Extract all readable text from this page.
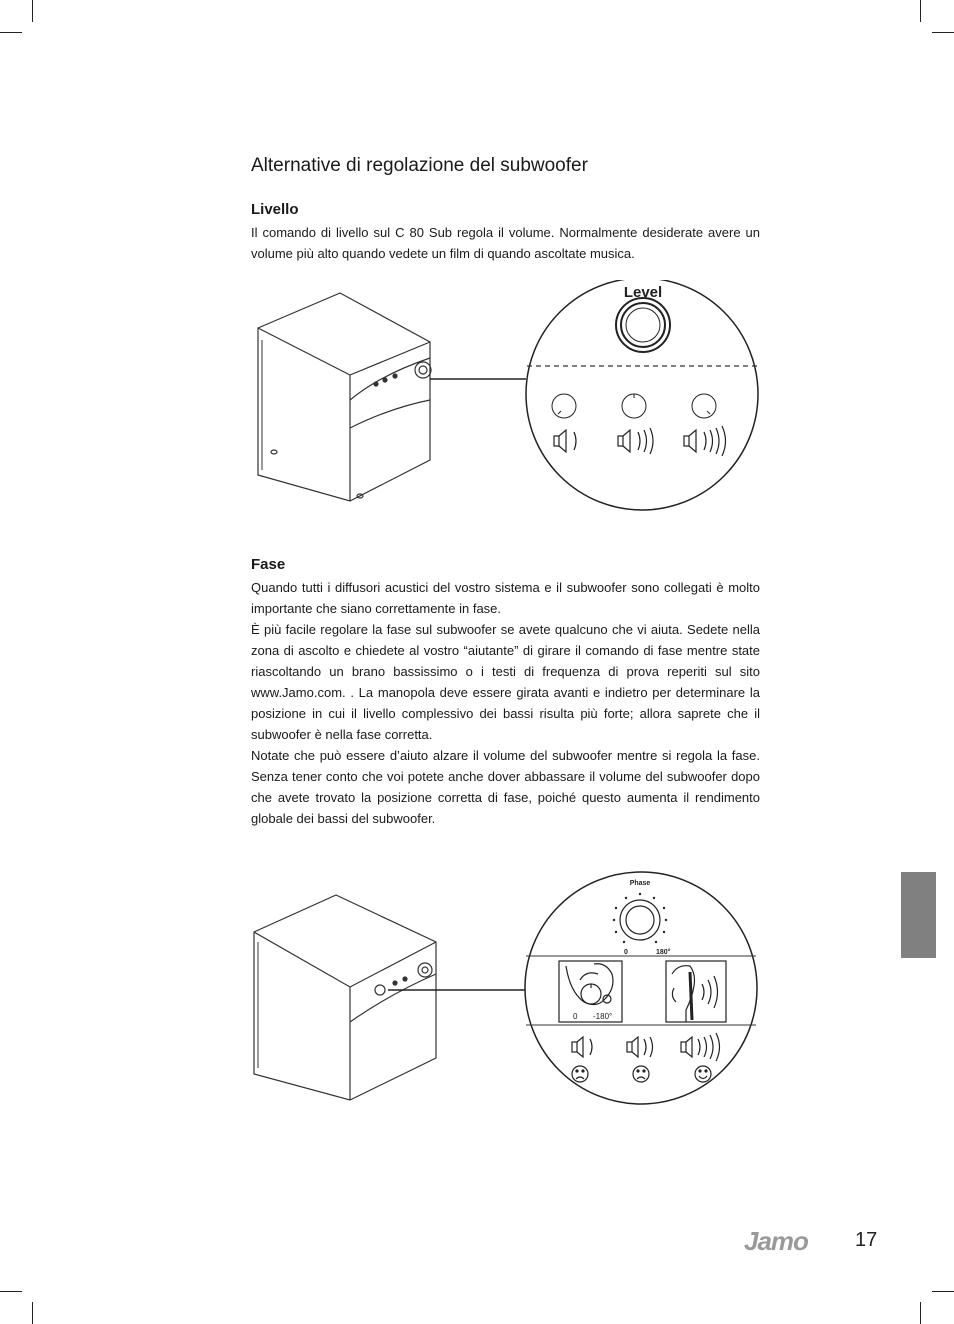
Alternative di regolazione del subwoofer
Livello

Il comando di livello sul C 80 Sub regola il volume. Normalmente desiderate avere un volume più alto quando vedete un film di quando ascoltate musica.

Level
Fase

Quando tutti i diffusori acustici del vostro sistema e il subwoofer sono collegati è molto importante che siano correttamente in fase.

È più facile regolare la fase sul subwoofer se avete qualcuno che vi aiuta. Sedete nella zona di ascolto e chiedete al vostro “aiutante” di girare il comando di fase mentre state riascoltando un brano bassissimo o i testi di frequenza di prova reperiti sul sito www.Jamo.com. . La manopola deve essere girata avanti e indietro per determinare la posizione in cui il livello complessivo dei bassi risulta più forte; allora saprete che il subwoofer è nella fase corretta.

Notate che può essere d’aiuto alzare il volume del subwoofer mentre si regola la fase. Senza tener conto che voi potete anche dover abbassare il volume del subwoofer dopo che avete trovato la posizione corretta di fase, poiché questo aumenta il rendimento globale dei bassi del subwoofer.

Phase
0	180°
0 -180°
Jamo 17
